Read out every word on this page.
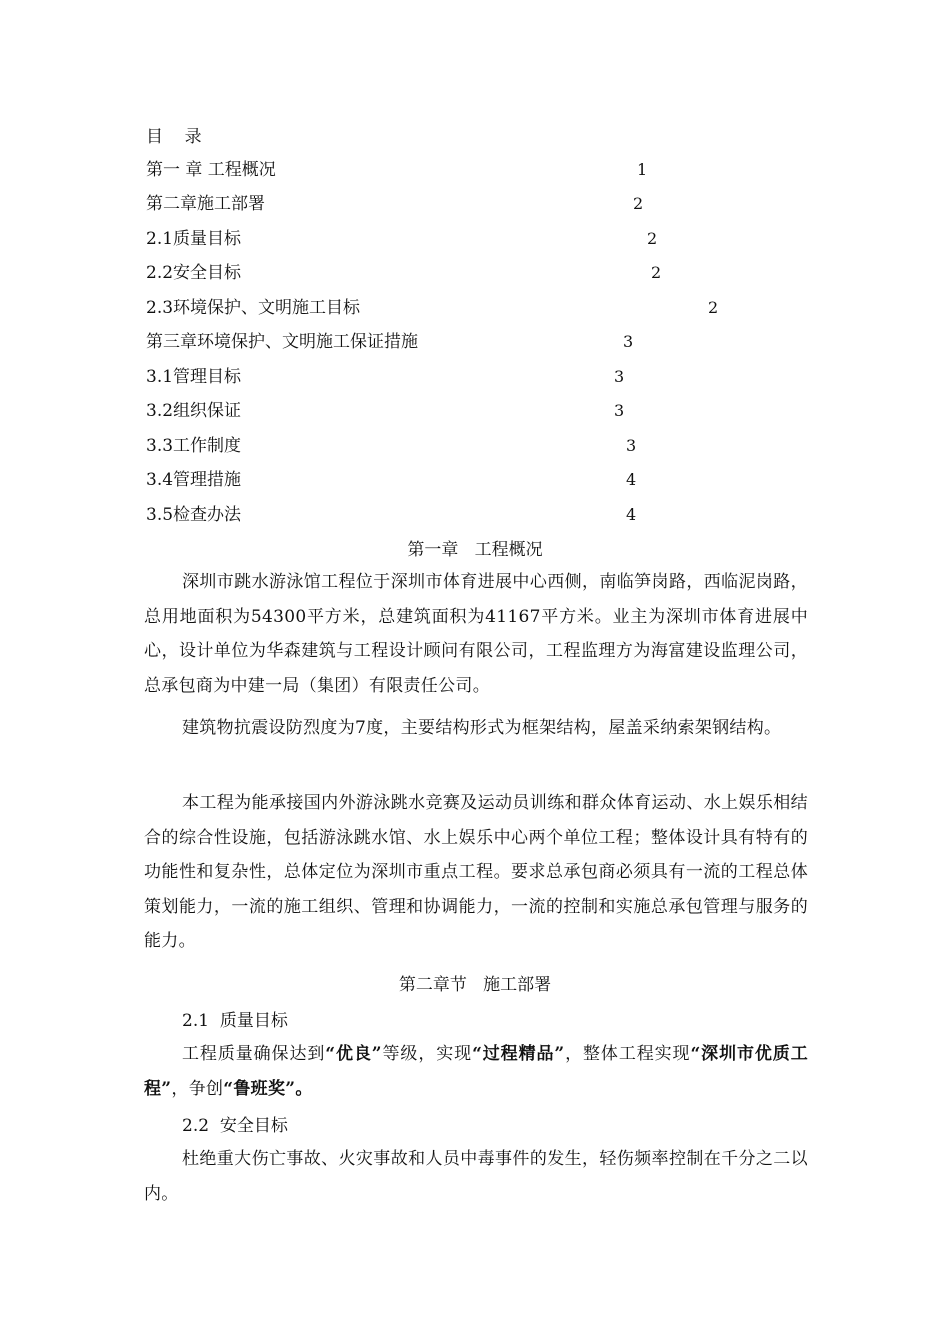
目    录
第一 章 工程概况	1
第二章施工部署	2
2.1质量目标	2
2.2安全目标	2
2.3环境保护、文明施工目标	2
第三章环境保护、文明施工保证措施	3
3.1管理目标	3
3.2组织保证	3
3.3工作制度	3
3.4管理措施	4
3.5检查办法	4
第一章   工程概况

深圳市跳水游泳馆工程位于深圳市体育进展中心西侧，南临笋岗路，西临泥岗路，总用地面积为54300平方米，总建筑面积为41167平方米。业主为深圳市体育进展中心，设计单位为华森建筑与工程设计顾问有限公司，工程监理方为海富建设监理公司，总承包商为中建一局（集团）有限责任公司。

建筑物抗震设防烈度为7度，主要结构形式为框架结构，屋盖采纳索架钢结构。

本工程为能承接国内外游泳跳水竞赛及运动员训练和群众体育运动、水上娱乐相结合的综合性设施，包括游泳跳水馆、水上娱乐中心两个单位工程；整体设计具有特有的功能性和复杂性，总体定位为深圳市重点工程。要求总承包商必须具有一流的工程总体策划能力，一流的施工组织、管理和协调能力，一流的控制和实施总承包管理与服务的能力。

第二章节   施工部署
2.1  质量目标

工程质量确保达到“优良”等级，实现“过程精品”，整体工程实现“深圳市优质工程”，争创“鲁班奖”。

2.2  安全目标

杜绝重大伤亡事故、火灾事故和人员中毒事件的发生，轻伤频率控制在千分之二以内。
